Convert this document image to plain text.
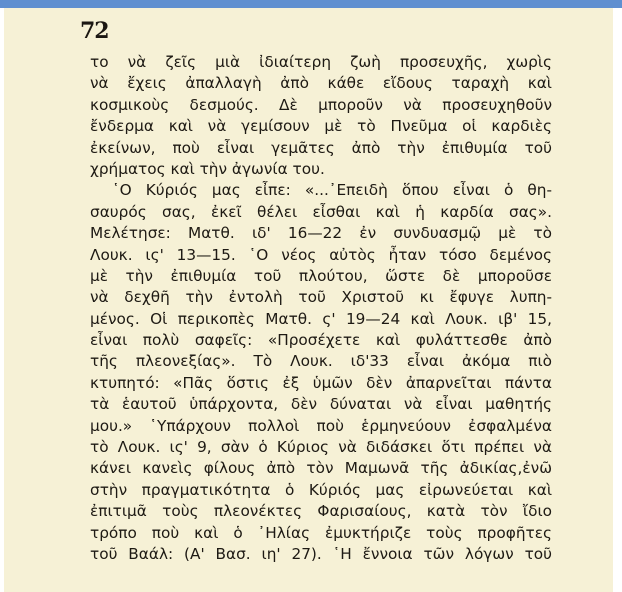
72
το νὰ ζεῖς μιὰ ἰδιαίτερη ζωὴ προσευχῆς, χωρὶς
νὰ ἔχεις ἀπαλλαγὴ ἀπὸ κάθε εἴδους ταραχὴ καὶ
κοσμικοὺς δεσμούς. Δὲ μποροῦν νὰ προσευχηθοῦν
ἔνδερμα καὶ νὰ γεμίσουν μὲ τὸ Πνεῦμα οἱ καρδιὲς
ἐκείνων, ποὺ εἶναι γεμᾶτες ἀπὸ τὴν ἐπιθυμία τοῦ
χρήματος καὶ τὴν ἀγωνία του.
῾Ο Κύριός μας εἶπε: «...᾿Επειδὴ ὅπου εἶναι ὁ θη-
σαυρός σας, ἐκεῖ θέλει εἶσθαι καὶ ἡ καρδία σας».
Μελέτησε: Ματθ. ιδ' 16—22 ἐν συνδυασμῷ μὲ τὸ
Λουκ. ις' 13—15. ῾Ο νέος αὐτὸς ἦταν τόσο δεμένος
μὲ τὴν ἐπιθυμία τοῦ πλούτου, ὥστε δὲ μποροῦσε
νὰ δεχθῆ τὴν ἐντολὴ τοῦ Χριστοῦ κι ἔφυγε λυπη-
μένος. Οἱ περικοπὲς Ματθ. ς' 19—24 καὶ Λουκ. ιβ' 15,
εἶναι πολὺ σαφεῖς: «Προσέχετε καὶ φυλάττεσθε ἀπὸ
τῆς πλεονεξίας». Τὸ Λουκ. ιδ'33 εἶναι ἀκόμα πιὸ
κτυπητό: «Πᾶς ὅστις ἐξ ὑμῶν δὲν ἀπαρνεῖται πάντα
τὰ ἑαυτοῦ ὑπάρχοντα, δὲν δύναται νὰ εἶναι μαθητής
μου.» ῾Υπάρχουν πολλοὶ ποὺ ἑρμηνεύουν ἐσφαλμένα
τὸ Λουκ. ις' 9, σὰν ὁ Κύριος νὰ διδάσκει ὅτι πρέπει νὰ
κάνει κανεὶς φίλους ἀπὸ τὸν Μαμωνᾶ τῆς ἀδικίας,ἐνῶ
στὴν πραγματικότητα ὁ Κύριός μας εἰρωνεύεται καὶ
ἐπιτιμᾶ τοὺς πλεονέκτες Φαρισαίους, κατὰ τὸν ἴδιο
τρόπο ποὺ καὶ ὁ ᾿Ηλίας ἐμυκτήριζε τοὺς προφῆτες
τοῦ Βαάλ: (Α' Βασ. ιη' 27). ῾Η ἔννοια τῶν λόγων τοῦ
